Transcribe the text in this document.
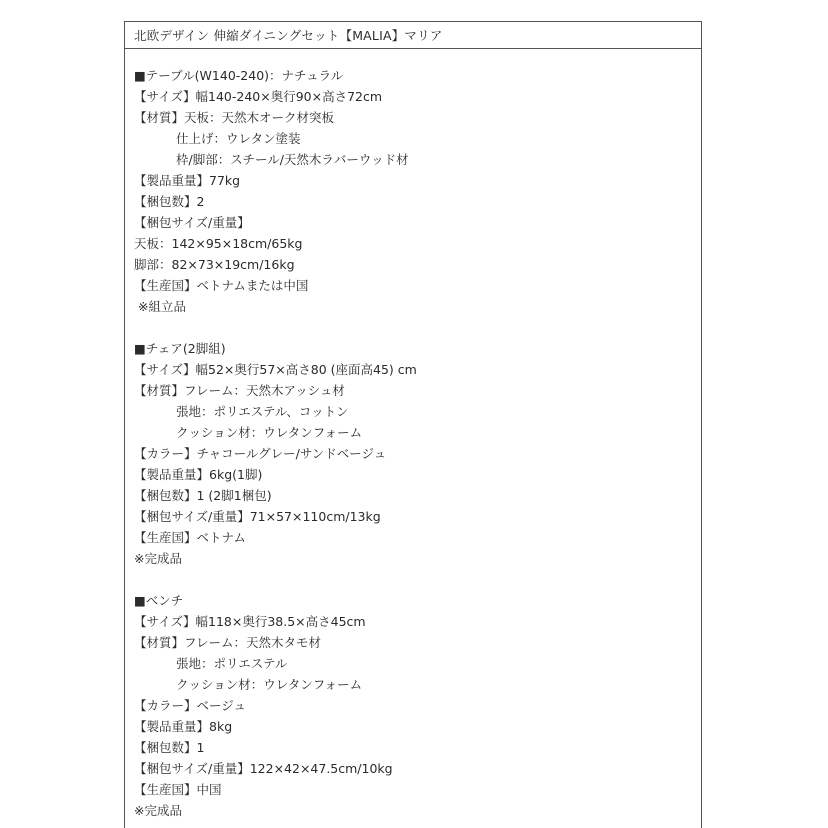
北欧デザイン 伸縮ダイニングセット【MALIA】マリア
■テーブル(W140-240)：ナチュラル
【サイズ】幅140-240×奥行90×高さ72cm
【材質】天板：天然木オーク材突板
仕上げ：ウレタン塗装
枠/脚部：スチール/天然木ラバーウッド材
【製品重量】77kg
【梱包数】2
【梱包サイズ/重量】
天板：142×95×18cm/65kg
脚部：82×73×19cm/16kg
【生産国】ベトナムまたは中国
※組立品
■チェア(2脚組)
【サイズ】幅52×奥行57×高さ80 (座面高45) cm
【材質】フレーム：天然木アッシュ材
張地：ポリエステル、コットン
クッション材：ウレタンフォーム
【カラー】チャコールグレー/サンドベージュ
【製品重量】6kg(1脚)
【梱包数】1 (2脚1梱包)
【梱包サイズ/重量】71×57×110cm/13kg
【生産国】ベトナム
※完成品
■ベンチ
【サイズ】幅118×奥行38.5×高さ45cm
【材質】フレーム：天然木タモ材
張地：ポリエステル
クッション材：ウレタンフォーム
【カラー】ベージュ
【製品重量】8kg
【梱包数】1
【梱包サイズ/重量】122×42×47.5cm/10kg
【生産国】中国
※完成品
